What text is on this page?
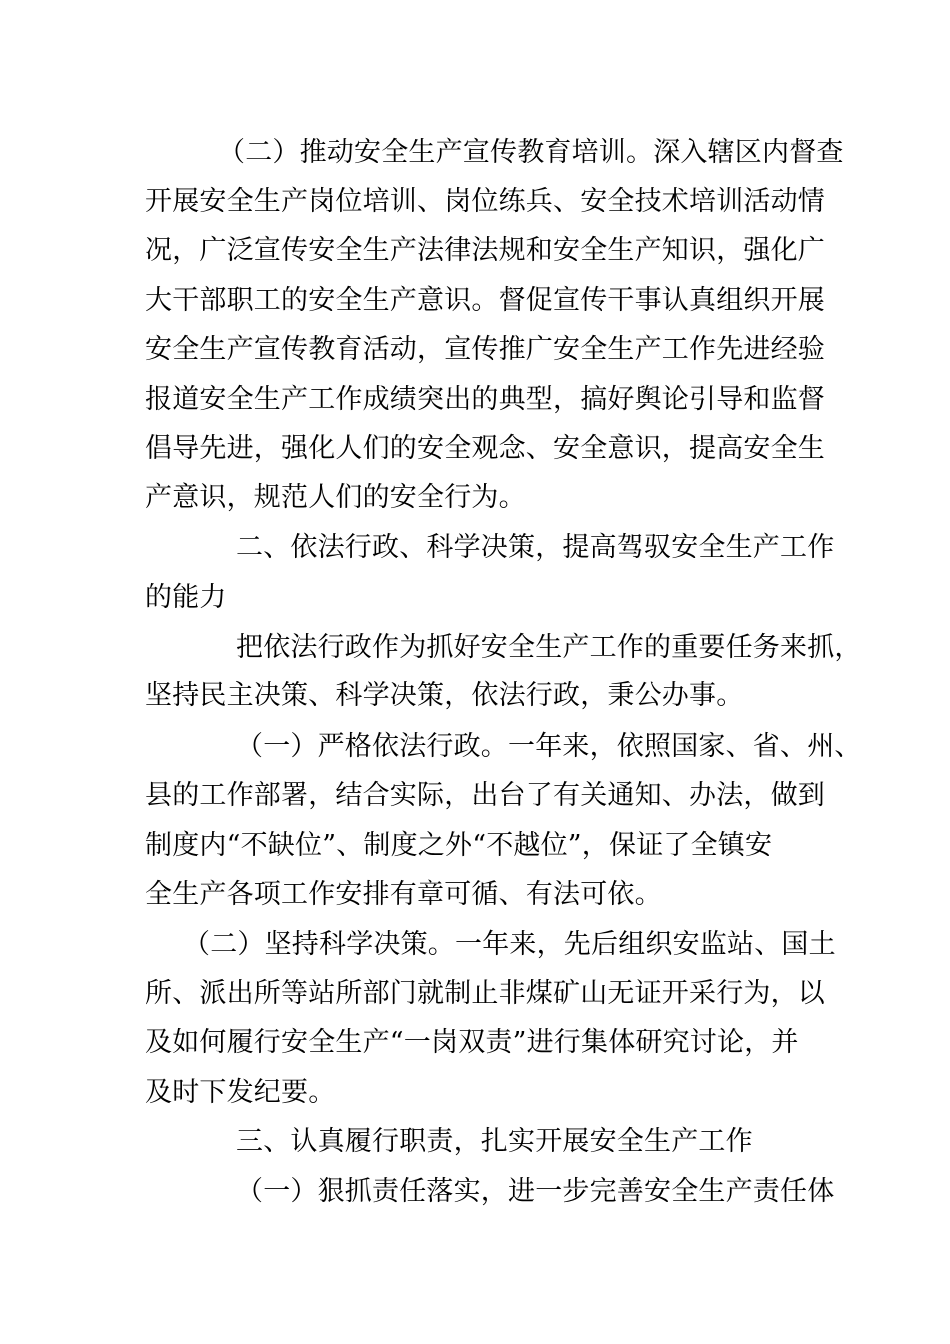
（二）推动安全生产宣传教育培训。深入辖区内督查
开展安全生产岗位培训、岗位练兵、安全技术培训活动情
况，广泛宣传安全生产法律法规和安全生产知识，强化广
大干部职工的安全生产意识。督促宣传干事认真组织开展
安全生产宣传教育活动，宣传推广安全生产工作先进经验
报道安全生产工作成绩突出的典型，搞好舆论引导和监督
倡导先进，强化人们的安全观念、安全意识，提高安全生
产意识，规范人们的安全行为。
二、依法行政、科学决策，提高驾驭安全生产工作
的能力
把依法行政作为抓好安全生产工作的重要任务来抓，
坚持民主决策、科学决策，依法行政，秉公办事。
（一）严格依法行政。一年来，依照国家、省、州、
县的工作部署，结合实际，出台了有关通知、办法，做到
制度内“不缺位”、制度之外“不越位”，保证了全镇安
全生产各项工作安排有章可循、有法可依。
（二）坚持科学决策。一年来，先后组织安监站、国土
所、派出所等站所部门就制止非煤矿山无证开采行为，以
及如何履行安全生产“一岗双责”进行集体研究讨论，并
及时下发纪要。
三、认真履行职责，扎实开展安全生产工作
（一）狠抓责任落实，进一步完善安全生产责任体
